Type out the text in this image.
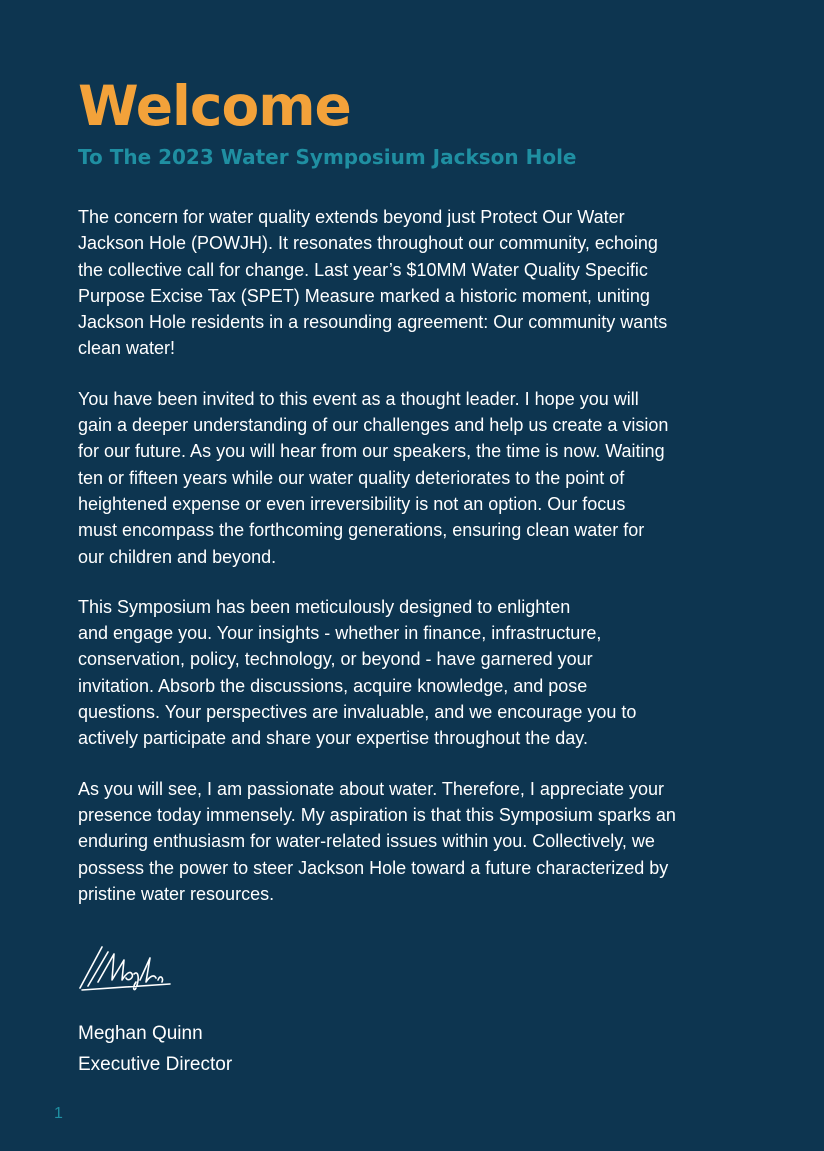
Welcome
To The 2023 Water Symposium Jackson Hole

The concern for water quality extends beyond just Protect Our Water
Jackson Hole (POWJH). It resonates throughout our community, echoing
the collective call for change. Last year’s $10MM Water Quality Specific
Purpose Excise Tax (SPET) Measure marked a historic moment, uniting
Jackson Hole residents in a resounding agreement: Our community wants
clean water!

You have been invited to this event as a thought leader. I hope you will
gain a deeper understanding of our challenges and help us create a vision
for our future. As you will hear from our speakers, the time is now. Waiting
ten or fifteen years while our water quality deteriorates to the point of
heightened expense or even irreversibility is not an option. Our focus
must encompass the forthcoming generations, ensuring clean water for
our children and beyond.

This Symposium has been meticulously designed to enlighten
and engage you. Your insights - whether in finance, infrastructure,
conservation, policy, technology, or beyond - have garnered your
invitation. Absorb the discussions, acquire knowledge, and pose
questions. Your perspectives are invaluable, and we encourage you to
actively participate and share your expertise throughout the day.

As you will see, I am passionate about water. Therefore, I appreciate your
presence today immensely. My aspiration is that this Symposium sparks an
enduring enthusiasm for water-related issues within you. Collectively, we
possess the power to steer Jackson Hole toward a future characterized by
pristine water resources.

Meghan Quinn
Executive Director
1
